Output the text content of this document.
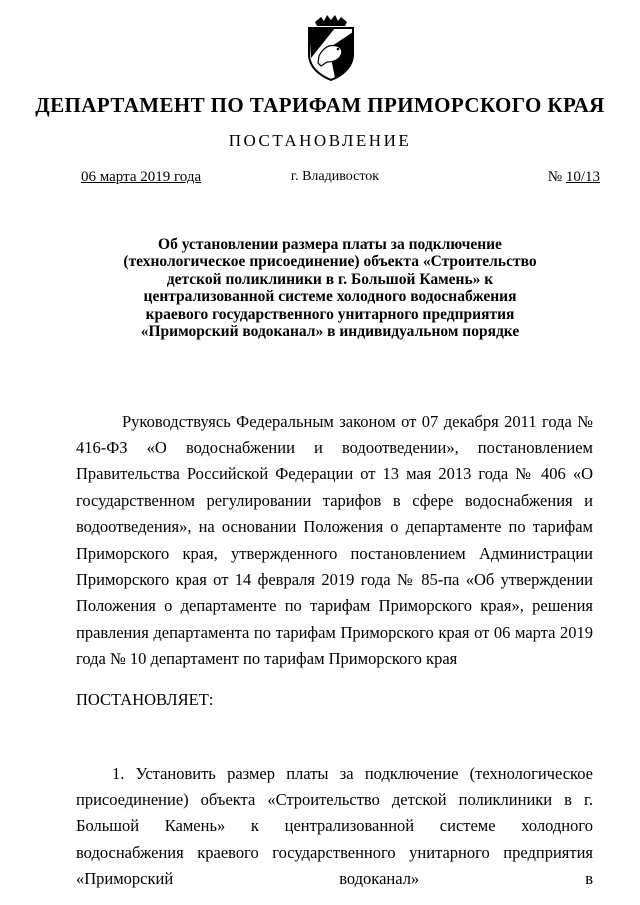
ДЕПАРТАМЕНТ ПО ТАРИФАМ ПРИМОРСКОГО КРАЯ
ПОСТАНОВЛЕНИЕ
06 марта 2019 года	г. Владивосток	№ 10/13
Об установлении размера платы за подключение (технологическое присоединение) объекта «Строительство детской поликлиники в г. Большой Камень» к централизованной системе холодного водоснабжения краевого государственного унитарного предприятия «Приморский водоканал» в индивидуальном порядке

Руководствуясь Федеральным законом от 07 декабря 2011 года № 416-ФЗ «О водоснабжении и водоотведении», постановлением Правительства Российской Федерации от 13 мая 2013 года № 406 «О государственном регулировании тарифов в сфере водоснабжения и водоотведения», на основании Положения о департаменте по тарифам Приморского края, утвержденного постановлением Администрации Приморского края от 14 февраля 2019 года № 85-па «Об утверждении Положения о департаменте по тарифам Приморского края», решения правления департамента по тарифам Приморского края от 06 марта 2019 года № 10 департамент по тарифам Приморского края

ПОСТАНОВЛЯЕТ:

1. Установить размер платы за подключение (технологическое присоединение) объекта «Строительство детской поликлиники в г. Большой Камень» к централизованной системе холодного водоснабжения краевого государственного унитарного предприятия «Приморский водоканал» в
